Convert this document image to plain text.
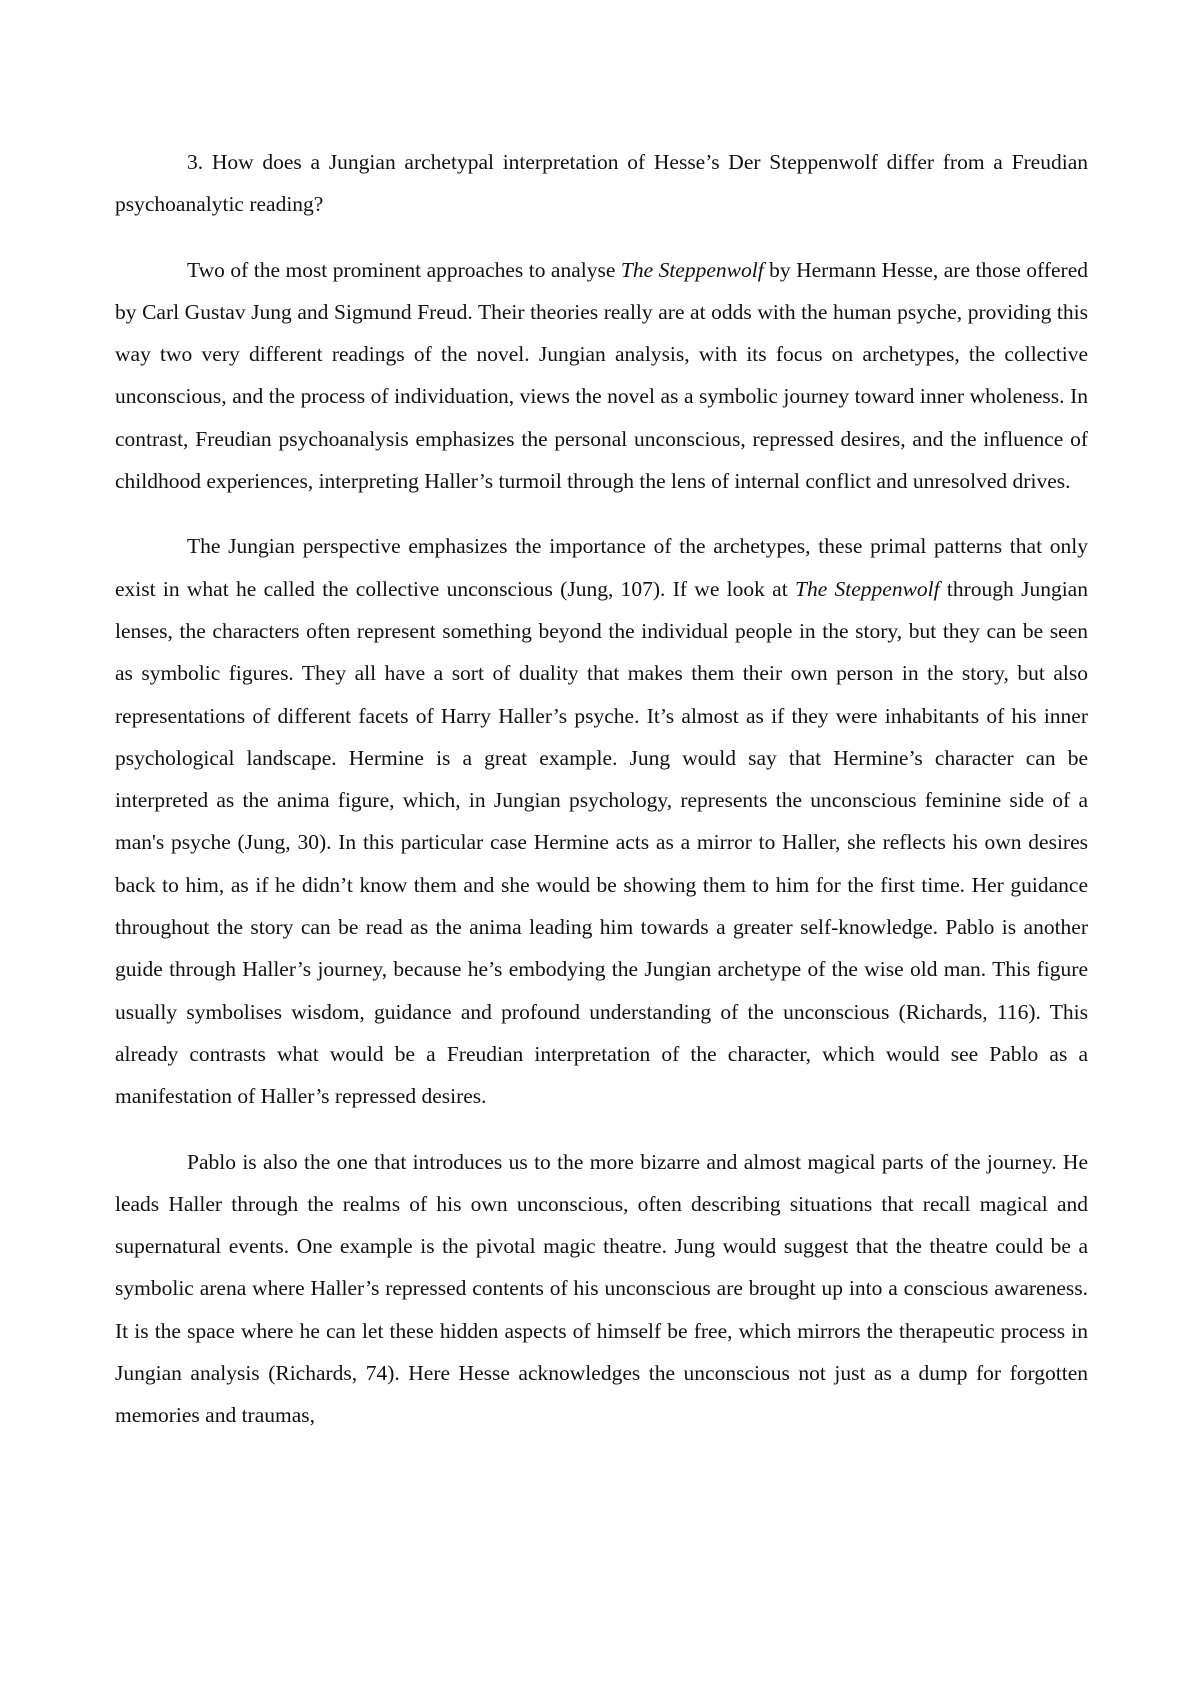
3. How does a Jungian archetypal interpretation of Hesse’s Der Steppenwolf differ from a Freudian psychoanalytic reading?

Two of the most prominent approaches to analyse The Steppenwolf by Hermann Hesse, are those offered by Carl Gustav Jung and Sigmund Freud. Their theories really are at odds with the human psyche, providing this way two very different readings of the novel. Jungian analysis, with its focus on archetypes, the collective unconscious, and the process of individuation, views the novel as a symbolic journey toward inner wholeness. In contrast, Freudian psychoanalysis emphasizes the personal unconscious, repressed desires, and the influence of childhood experiences, interpreting Haller’s turmoil through the lens of internal conflict and unresolved drives.

The Jungian perspective emphasizes the importance of the archetypes, these primal patterns that only exist in what he called the collective unconscious (Jung, 107). If we look at The Steppenwolf through Jungian lenses, the characters often represent something beyond the individual people in the story, but they can be seen as symbolic figures. They all have a sort of duality that makes them their own person in the story, but also representations of different facets of Harry Haller’s psyche. It’s almost as if they were inhabitants of his inner psychological landscape. Hermine is a great example. Jung would say that Hermine’s character can be interpreted as the anima figure, which, in Jungian psychology, represents the unconscious feminine side of a man's psyche (Jung, 30). In this particular case Hermine acts as a mirror to Haller, she reflects his own desires back to him, as if he didn’t know them and she would be showing them to him for the first time. Her guidance throughout the story can be read as the anima leading him towards a greater self-knowledge. Pablo is another guide through Haller’s journey, because he’s embodying the Jungian archetype of the wise old man. This figure usually symbolises wisdom, guidance and profound understanding of the unconscious (Richards, 116). This already contrasts what would be a Freudian interpretation of the character, which would see Pablo as a manifestation of Haller’s repressed desires.

Pablo is also the one that introduces us to the more bizarre and almost magical parts of the journey. He leads Haller through the realms of his own unconscious, often describing situations that recall magical and supernatural events. One example is the pivotal magic theatre. Jung would suggest that the theatre could be a symbolic arena where Haller’s repressed contents of his unconscious are brought up into a conscious awareness. It is the space where he can let these hidden aspects of himself be free, which mirrors the therapeutic process in Jungian analysis (Richards, 74). Here Hesse acknowledges the unconscious not just as a dump for forgotten memories and traumas,
